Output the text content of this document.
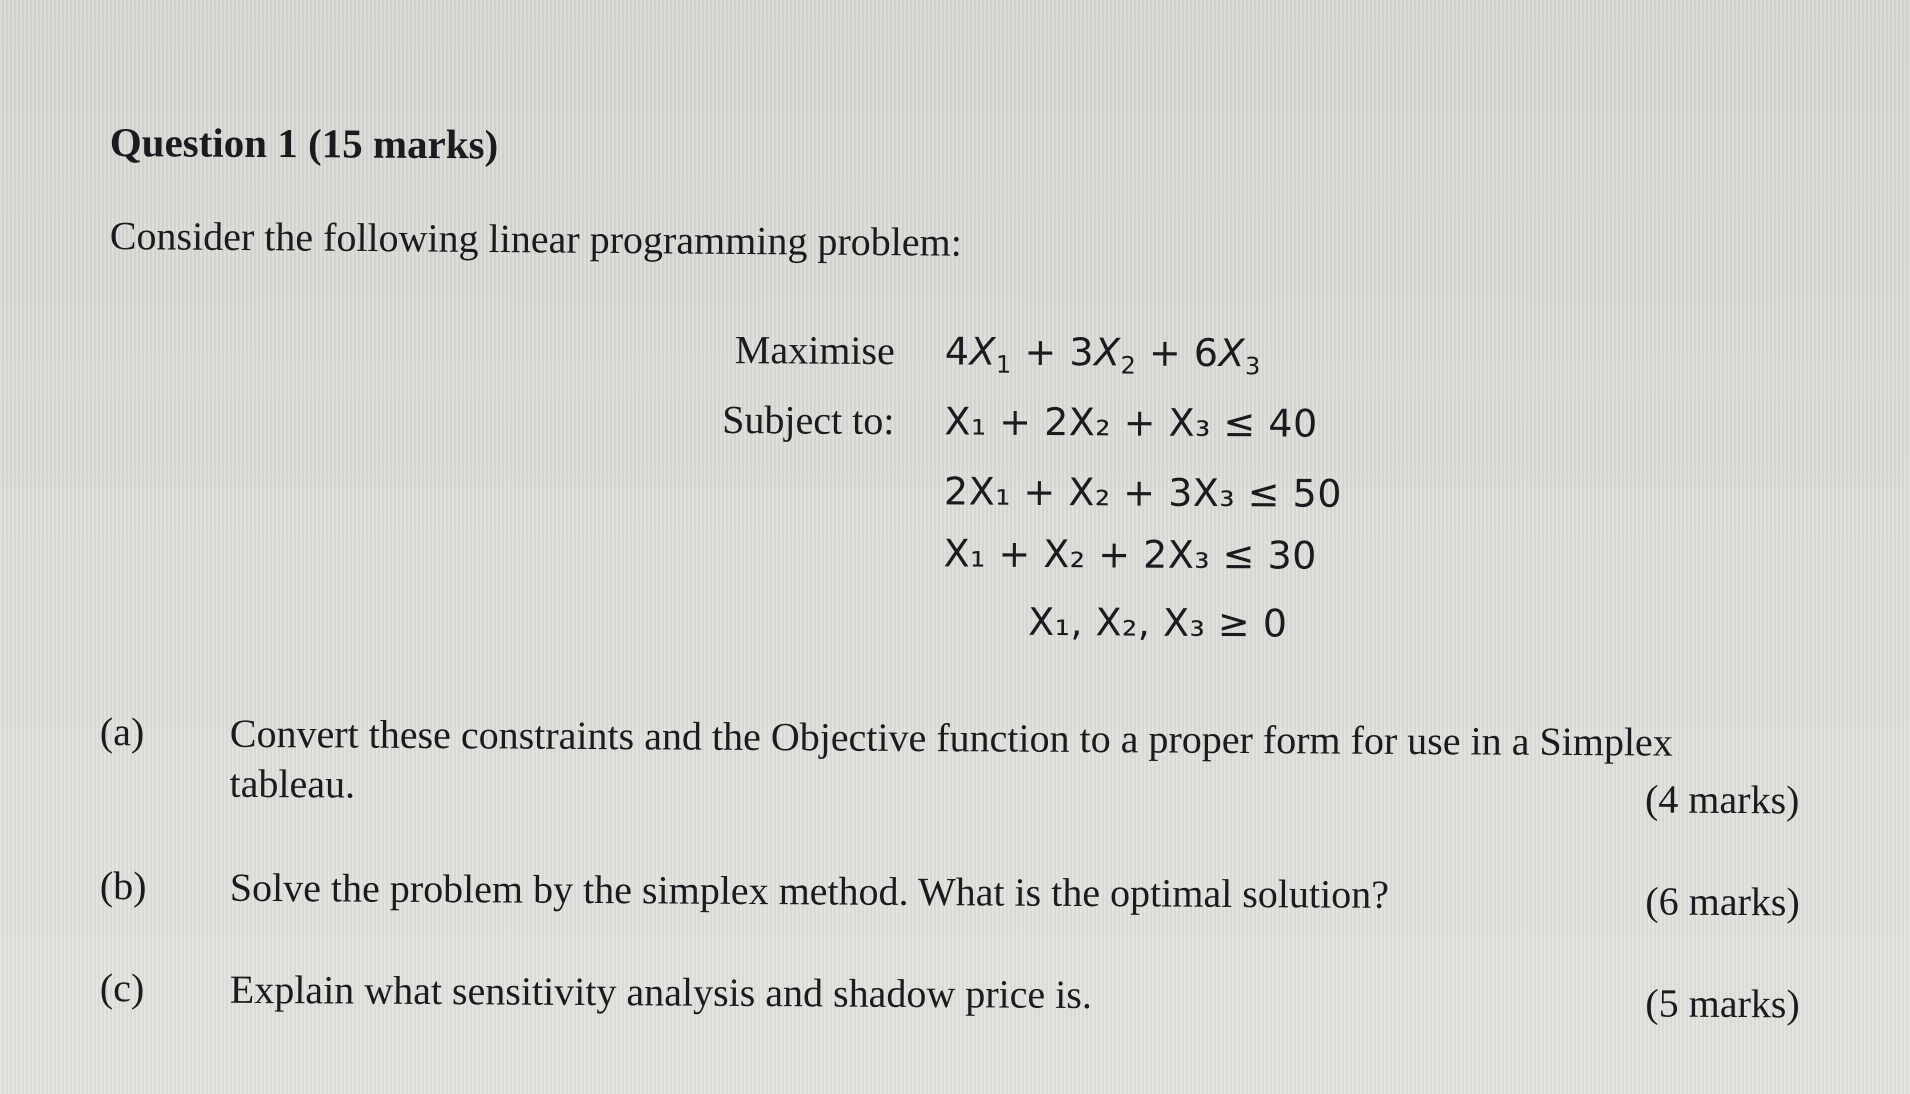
Question 1 (15 marks)
Consider the following linear programming problem:
Maximise $4X_1 + 3X_2 + 6X_3$
Subject to: X₁ + 2X₂ + X₃ ≤ 40
2X₁ + X₂ + 3X₃ ≤ 50
X₁ + X₂ + 2X₃ ≤ 30
X₁, X₂, X₃ ≥ 0
(a) Convert these constraints and the Objective function to a proper form for use in a Simplex
tableau.	(4 marks)
(b) Solve the problem by the simplex method. What is the optimal solution?	(6 marks)
(c) Explain what sensitivity analysis and shadow price is.	(5 marks)
